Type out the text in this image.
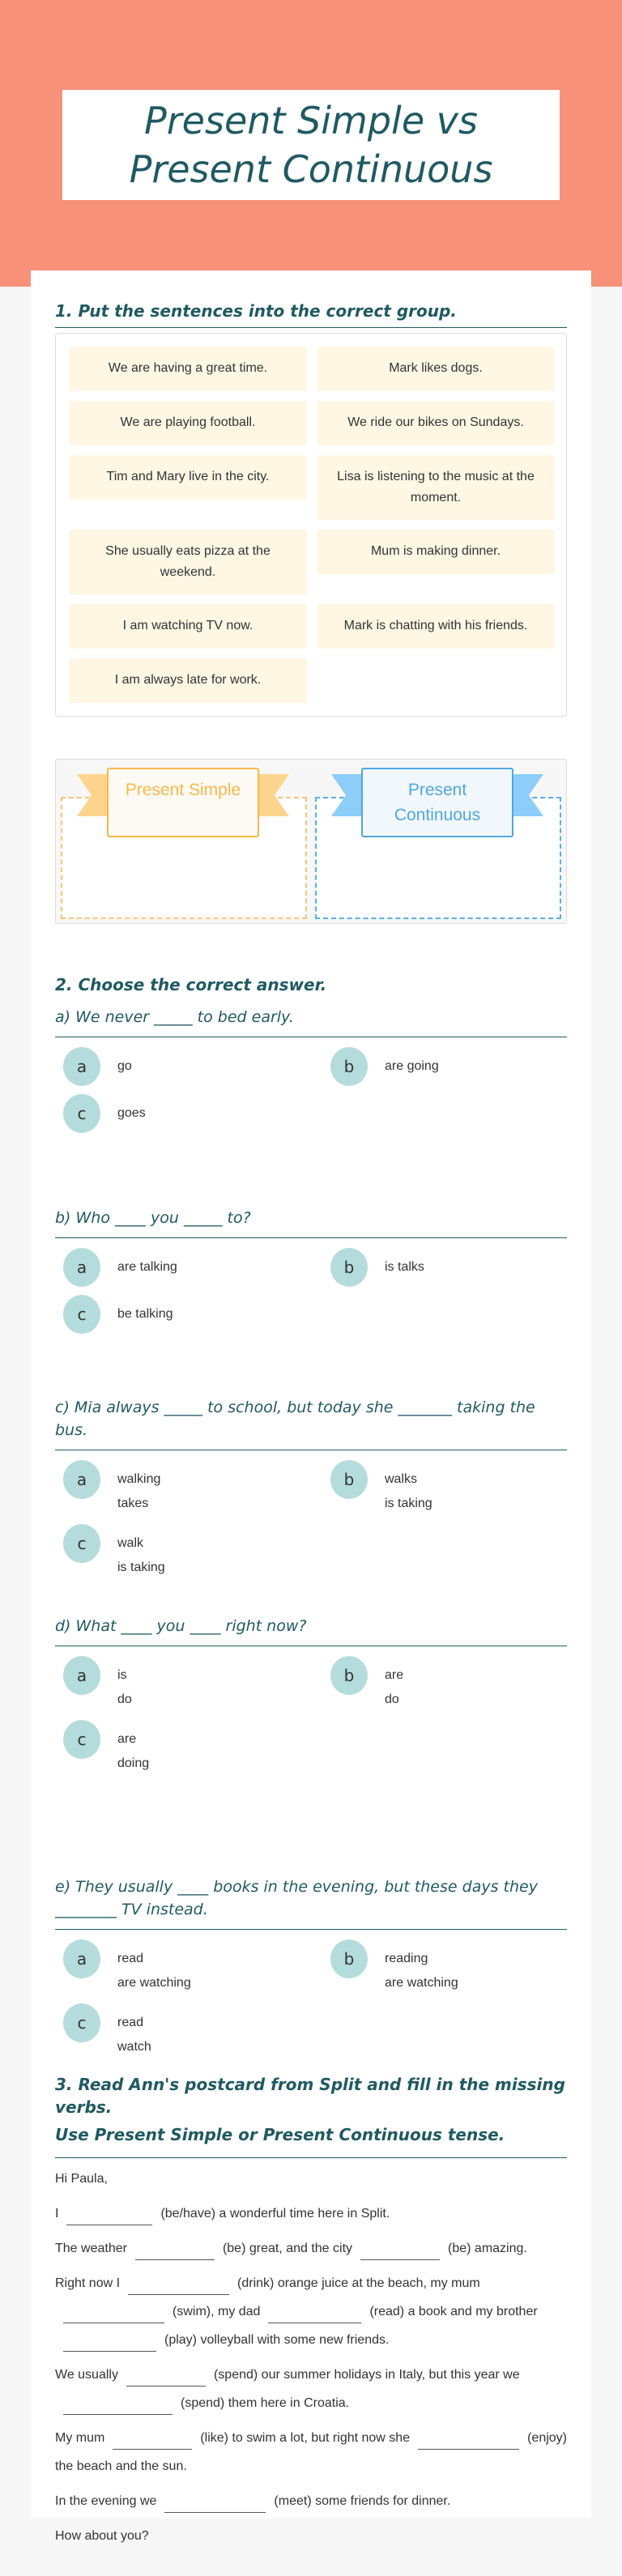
Present Simple vs Present Continuous
1. Put the sentences into the correct group.
We are having a great time.	Mark likes dogs.
We are playing football.	We ride our bikes on Sundays.
Tim and Mary live in the city.	Lisa is listening to the music at the moment.
She usually eats pizza at the weekend.
Mum is making dinner.
I am watching TV now.	Mark is chatting with his friends.
I am always late for work.
Present Simple	Present Continuous
2. Choose the correct answer.
a) We never _____ to bed early.
a	go	b	are going
c	goes
b) Who ____ you _____ to?
a	are talking	b	is talks
c	be talking
c) Mia always _____ to school, but today she _______ taking the bus.
a	walking
takes
b	walks
is taking
c	walk
is taking
d) What ____ you ____ right now?
a	is
do
b	are
do
c	are
doing
e) They usually ____ books in the evening, but these days they ________ TV instead.
a	read
are watching
b	reading
are watching
c	read
watch
3. Read Ann's postcard from Split and fill in the missing verbs.
Use Present Simple or Present Continuous tense.

Hi Paula,

I	(be/have) a wonderful time here in Split.

The weather	(be) great, and the city	(be) amazing.

Right now I	(drink) orange juice at the beach, my mum(swim), my dad	(read) a book and my brother(play) volleyball with some new friends.

We usually	(spend) our summer holidays in Italy, but this year we(spend) them here in Croatia.

My mum	(like) to swim a lot, but right now she	(enjoy) the beach and the sun.

In the evening we	(meet) some friends for dinner.

How about you?
